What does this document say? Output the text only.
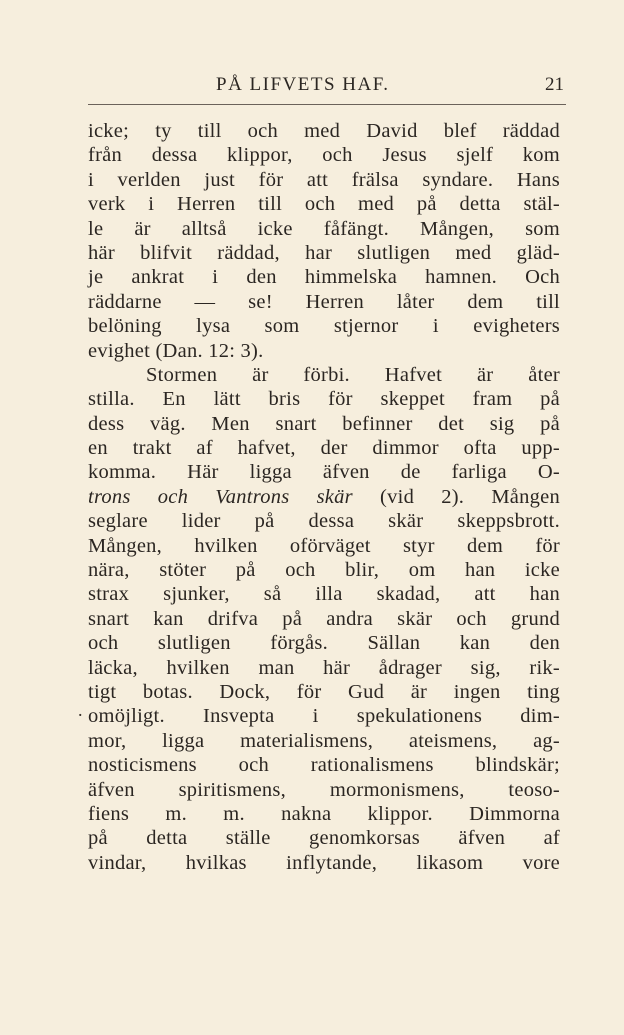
PÅ LIFVETS HAF.	21
.
icke; ty till och med David blef räddad
från dessa klippor, och Jesus sjelf kom
i verlden just för att frälsa syndare. Hans
verk i Herren till och med på detta stäl-
le är alltså icke fåfängt. Mången, som
här blifvit räddad, har slutligen med gläd-
je ankrat i den himmelska hamnen. Och
räddarne — se! Herren låter dem till
belöning lysa som stjernor i evigheters
evighet (Dan. 12: 3).
Stormen är förbi. Hafvet är åter
stilla. En lätt bris för skeppet fram på
dess väg. Men snart befinner det sig på
en trakt af hafvet, der dimmor ofta upp-
komma. Här ligga äfven de farliga O-
trons och Vantrons skär (vid 2). Mången
seglare lider på dessa skär skeppsbrott.
Mången, hvilken oförväget styr dem för
nära, stöter på och blir, om han icke
strax sjunker, så illa skadad, att han
snart kan drifva på andra skär och grund
och slutligen förgås. Sällan kan den
läcka, hvilken man här ådrager sig, rik-
tigt botas. Dock, för Gud är ingen ting
omöjligt. Insvepta i spekulationens dim-
mor, ligga materialismens, ateismens, ag-
nosticismens och rationalismens blindskär;
äfven spiritismens, mormonismens, teoso-
fiens m. m. nakna klippor. Dimmorna
på detta ställe genomkorsas äfven af
vindar, hvilkas inflytande, likasom vore
